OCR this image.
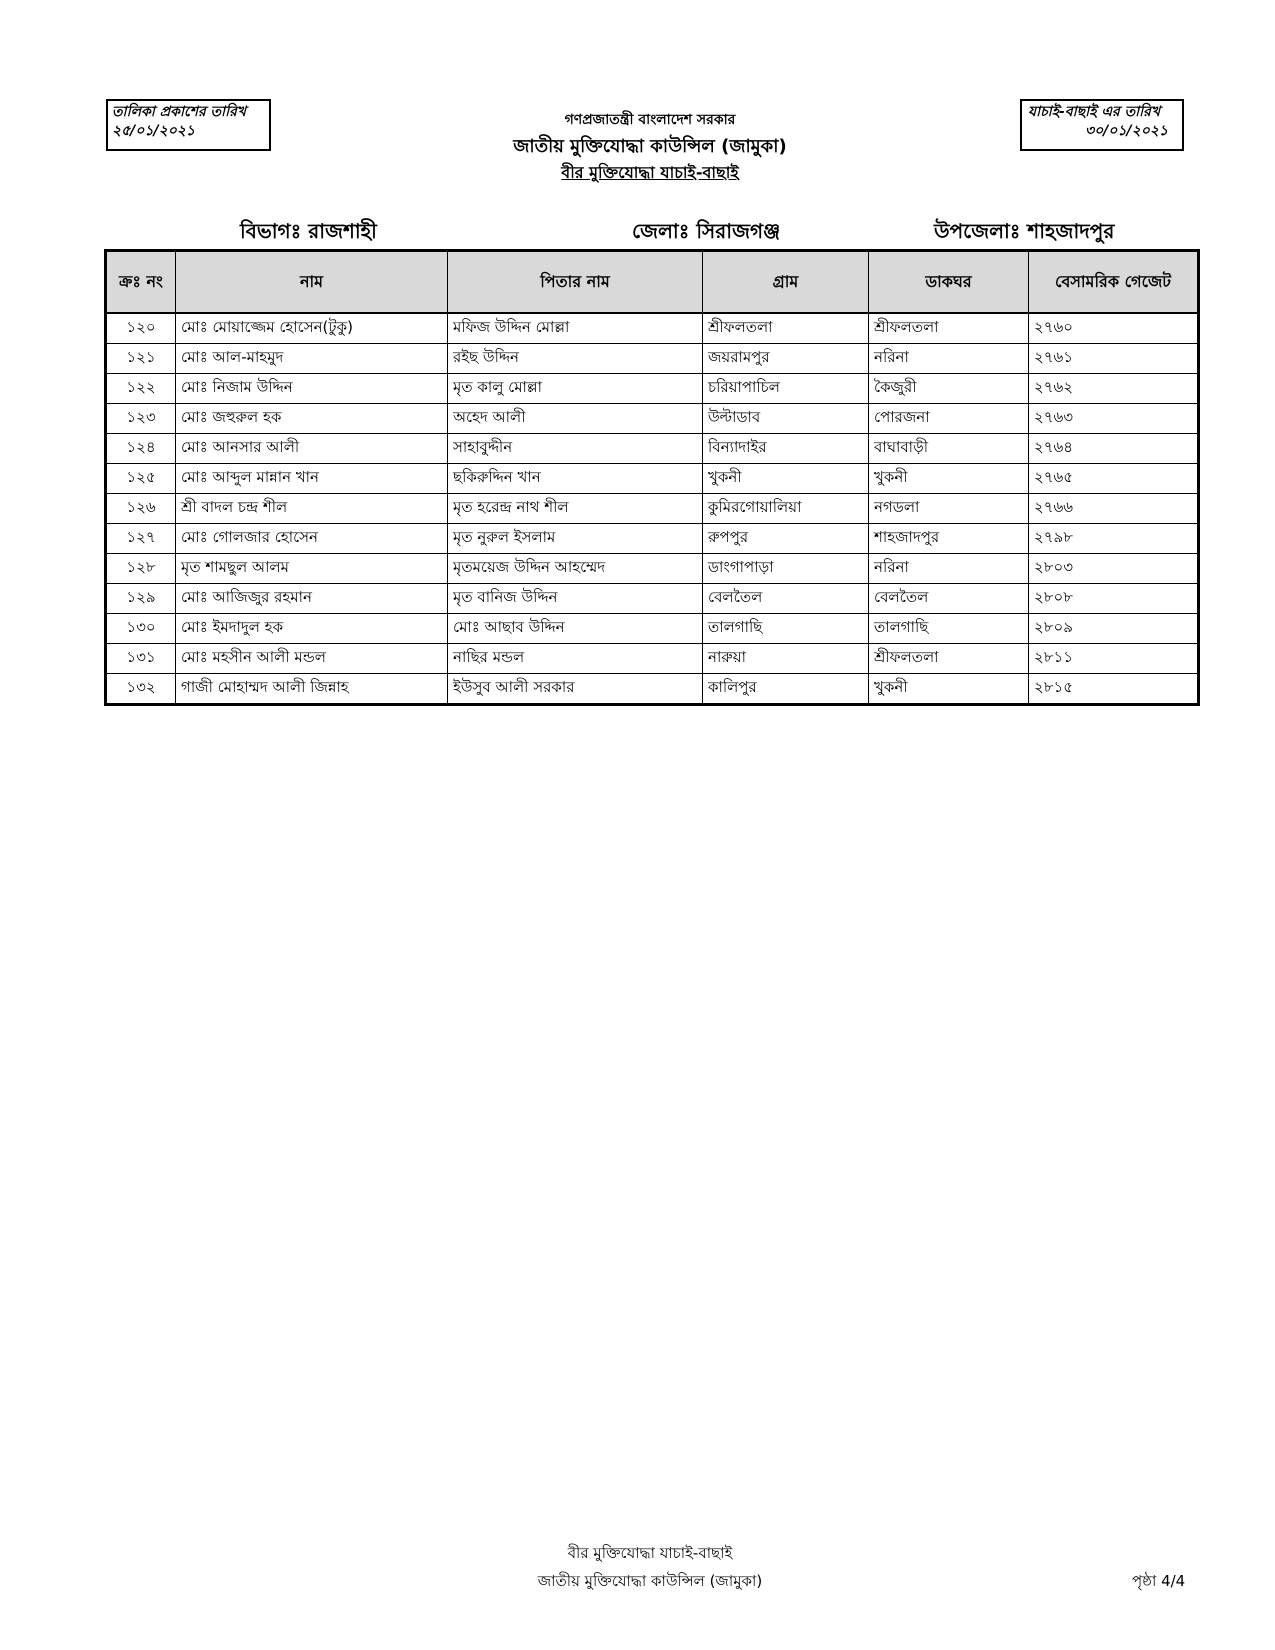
তালিকা প্রকাশের তারিখ
২৫/০১/২০২১
যাচাই-বাছাই এর তারিখ
৩০/০১/২০২১
গণপ্রজাতন্ত্রী বাংলাদেশ সরকার
জাতীয় মুক্তিযোদ্ধা কাউন্সিল (জামুকা)
বীর মুক্তিযোদ্ধা যাচাই-বাছাই
বিভাগঃ রাজশাহী	জেলাঃ সিরাজগঞ্জ	উপজেলাঃ শাহজাদপুর
ক্রঃ নং	নাম	পিতার নাম	গ্রাম	ডাকঘর	বেসামরিক গেজেট
১২০	মোঃ মোয়াজ্জেম হোসেন(টুকু)	মফিজ উদ্দিন মোল্লা	শ্রীফলতলা	শ্রীফলতলা	২৭৬০
১২১	মোঃ আল-মাহমুদ	রইছ উদ্দিন	জয়রামপুর	নরিনা	২৭৬১
১২২	মোঃ নিজাম উদ্দিন	মৃত কালু মোল্লা	চরিয়াপাচিল	কৈজুরী	২৭৬২
১২৩	মোঃ জহুরুল হক	অহেদ আলী	উল্টাডাব	পোরজনা	২৭৬৩
১২৪	মোঃ আনসার আলী	সাহাবুদ্দীন	বিন্যাদাইর	বাঘাবাড়ী	২৭৬৪
১২৫	মোঃ আব্দুল মান্নান খান	ছকিরুদ্দিন খান	খুকনী	খুকনী	২৭৬৫
১২৬	শ্রী বাদল চন্দ্র শীল	মৃত হরেন্দ্র নাথ শীল	কুমিরগোয়ালিয়া	নগডলা	২৭৬৬
১২৭	মোঃ গোলজার হোসেন	মৃত নুরুল ইসলাম	রুপপুর	শাহজাদপুর	২৭৯৮
১২৮	মৃত শামছুল আলম	মৃতময়েজ উদ্দিন আহম্মেদ	ডাংগাপাড়া	নরিনা	২৮০৩
১২৯	মোঃ আজিজুর রহমান	মৃত বানিজ উদ্দিন	বেলতৈল	বেলতৈল	২৮০৮
১৩০	মোঃ ইমদাদুল হক	মোঃ আছাব উদ্দিন	তালগাছি	তালগাছি	২৮০৯
১৩১	মোঃ মহসীন আলী মন্ডল	নাছির মন্ডল	নারুয়া	শ্রীফলতলা	২৮১১
১৩২	গাজী মোহাম্মদ আলী জিন্নাহ	ইউসুব আলী সরকার	কালিপুর	খুকনী	২৮১৫
বীর মুক্তিযোদ্ধা যাচাই-বাছাই
জাতীয় মুক্তিযোদ্ধা কাউন্সিল (জামুকা)	পৃষ্ঠা 4/4
